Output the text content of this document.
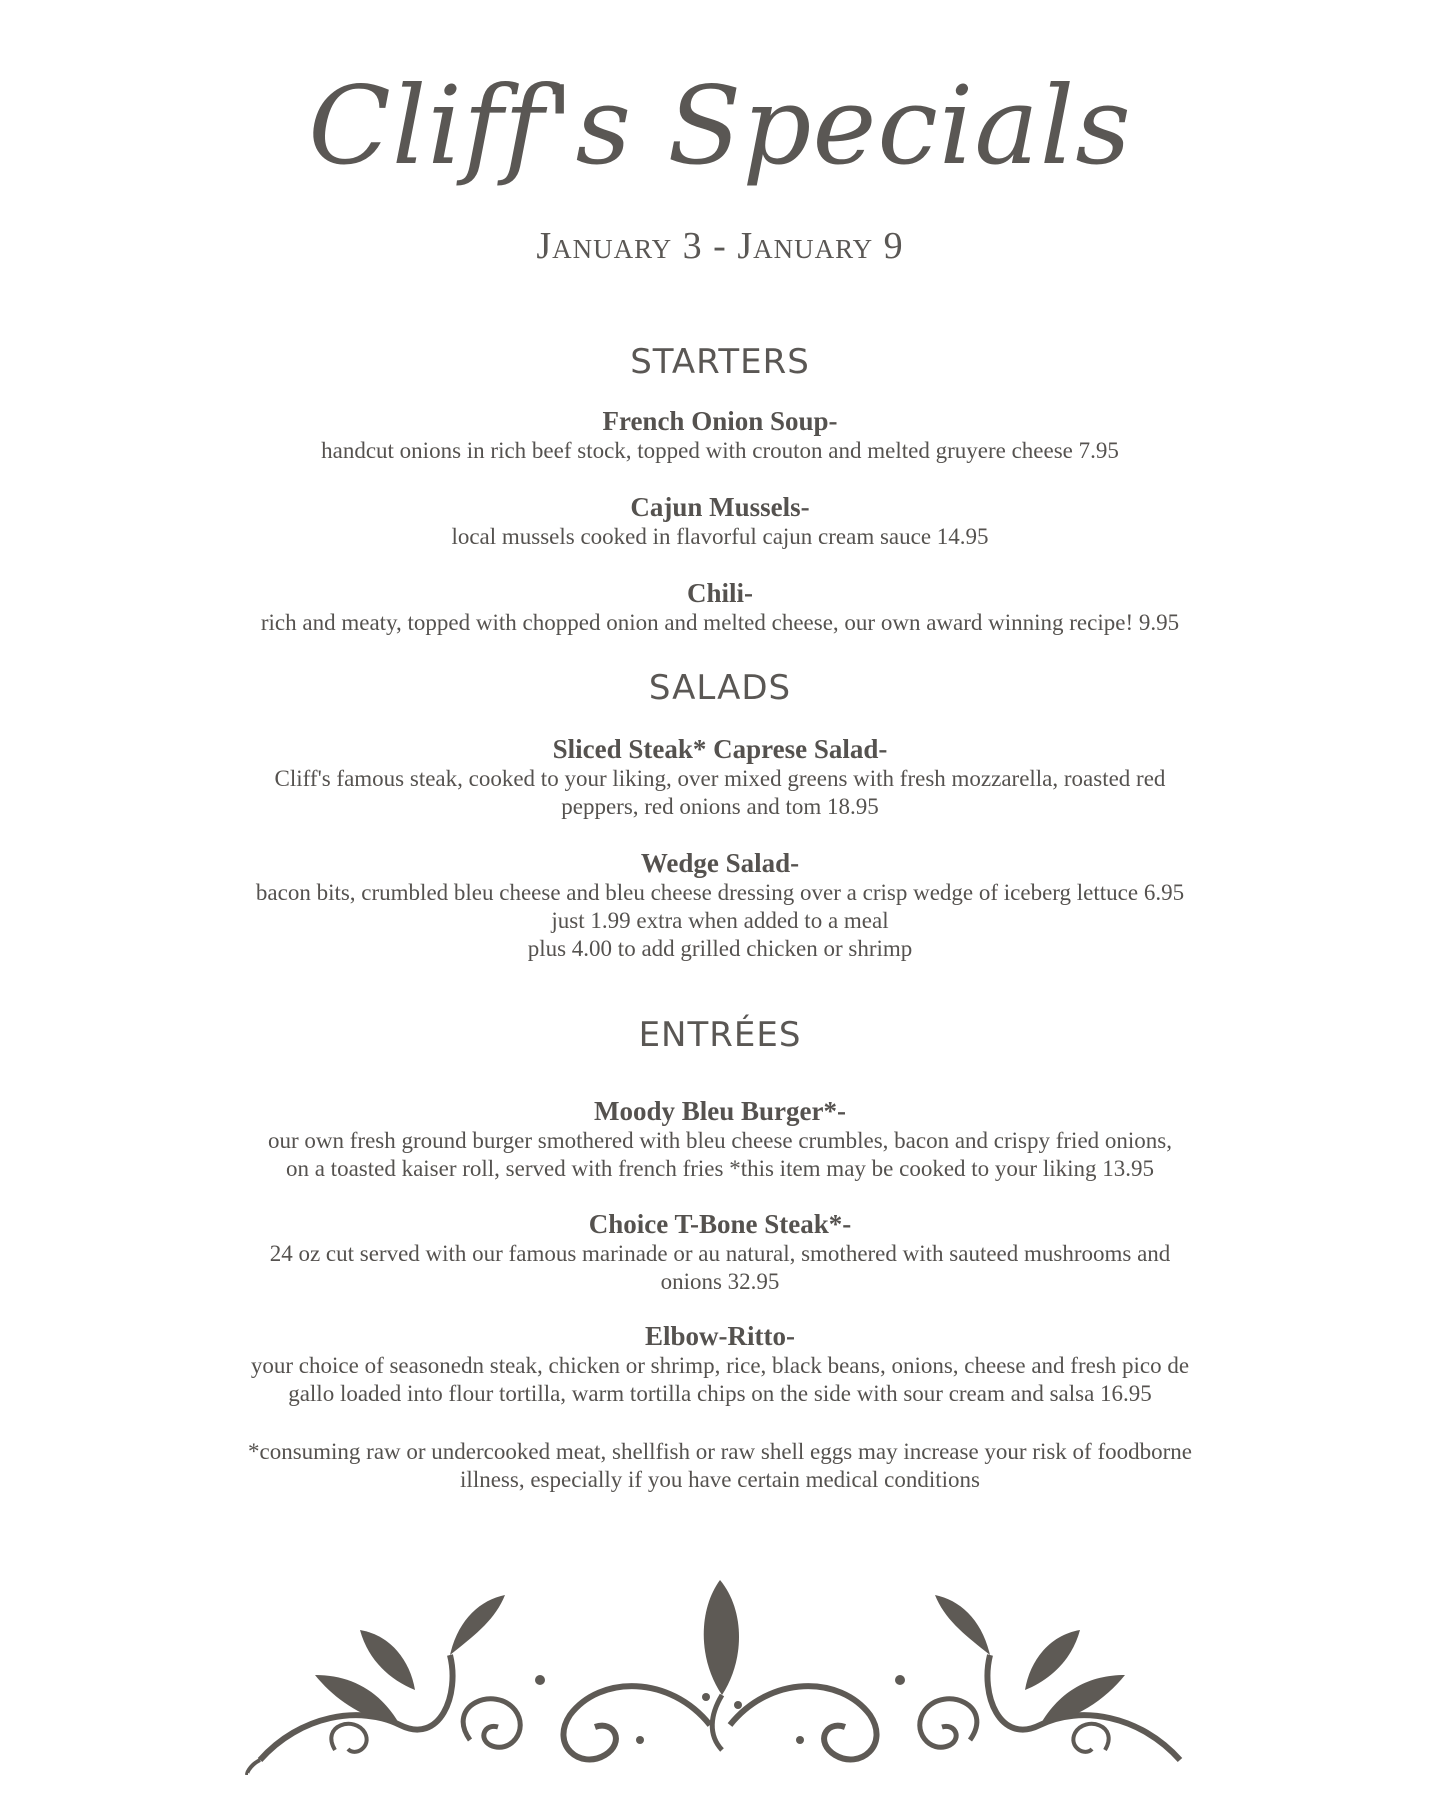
Cliff's Specials
January 3 - January 9
STARTERS
French Onion Soup-
handcut onions in rich beef stock, topped with crouton and melted gruyere cheese 7.95
Cajun Mussels-
local mussels cooked in flavorful cajun cream sauce 14.95
Chili-
rich and meaty, topped with chopped onion and melted cheese, our own award winning recipe! 9.95
SALADS
Sliced Steak* Caprese Salad-
Cliff's famous steak, cooked to your liking, over mixed greens with fresh mozzarella, roasted red
peppers, red onions and tom 18.95
Wedge Salad-
bacon bits, crumbled bleu cheese and bleu cheese dressing over a crisp wedge of iceberg lettuce 6.95
just 1.99 extra when added to a meal
plus 4.00 to add grilled chicken or shrimp
ENTRÉES
Moody Bleu Burger*-
our own fresh ground burger smothered with bleu cheese crumbles, bacon and crispy fried onions,
on a toasted kaiser roll, served with french fries *this item may be cooked to your liking 13.95
Choice T-Bone Steak*-
24 oz cut served with our famous marinade or au natural, smothered with sauteed mushrooms and
onions 32.95
Elbow-Ritto-
your choice of seasonedn steak, chicken or shrimp, rice, black beans, onions, cheese and fresh pico de
gallo loaded into flour tortilla, warm tortilla chips on the side with sour cream and salsa 16.95
*consuming raw or undercooked meat, shellfish or raw shell eggs may increase your risk of foodborne
illness, especially if you have certain medical conditions
